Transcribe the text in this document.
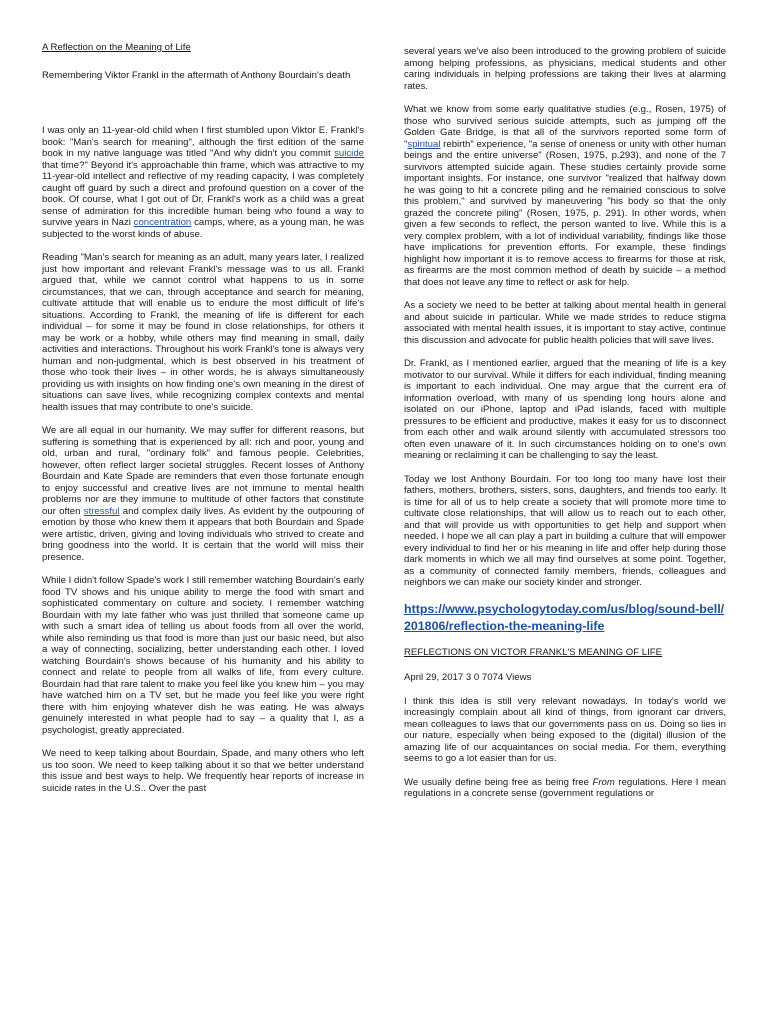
A Reflection on the Meaning of Life

Remembering Viktor Frankl in the aftermath of Anthony Bourdain's death

I was only an 11-year-old child when I first stumbled upon Viktor E. Frankl's book: "Man's search for meaning", although the first edition of the same book in my native language was titled "And why didn't you commit suicide that time?" Beyond it's approachable thin frame, which was attractive to my 11-year-old intellect and reflective of my reading capacity, I was completely caught off guard by such a direct and profound question on a cover of the book. Of course, what I got out of Dr. Frankl's work as a child was a great sense of admiration for this incredible human being who found a way to survive years in Nazi concentration camps, where, as a young man, he was subjected to the worst kinds of abuse.

Reading "Man's search for meaning as an adult, many years later, I realized just how important and relevant Frankl's message was to us all. Frankl argued that, while we cannot control what happens to us in some circumstances, that we can, through acceptance and search for meaning, cultivate attitude that will enable us to endure the most difficult of life's situations. According to Frankl, the meaning of life is different for each individual – for some it may be found in close relationships, for others it may be work or a hobby, while others may find meaning in small, daily activities and interactions. Throughout his work Frankl's tone is always very human and non-judgmental, which is best observed in his treatment of those who took their lives – in other words, he is always simultaneously providing us with insights on how finding one's own meaning in the direst of situations can save lives, while recognizing complex contexts and mental health issues that may contribute to one's suicide.

We are all equal in our humanity. We may suffer for different reasons, but suffering is something that is experienced by all: rich and poor, young and old, urban and rural, "ordinary folk" and famous people. Celebrities, however, often reflect larger societal struggles. Recent losses of Anthony Bourdain and Kate Spade are reminders that even those fortunate enough to enjoy successful and creative lives are not immune to mental health problems nor are they immune to multitude of other factors that constitute our often stressful and complex daily lives. As evident by the outpouring of emotion by those who knew them it appears that both Bourdain and Spade were artistic, driven, giving and loving individuals who strived to create and bring goodness into the world. It is certain that the world will miss their presence.

While I didn't follow Spade's work I still remember watching Bourdain's early food TV shows and his unique ability to merge the food with smart and sophisticated commentary on culture and society. I remember watching Bourdain with my late father who was just thrilled that someone came up with such a smart idea of telling us about foods from all over the world, while also reminding us that food is more than just our basic need, but also a way of connecting, socializing, better understanding each other. I loved watching Bourdain's shows because of his humanity and his ability to connect and relate to people from all walks of life, from every culture. Bourdain had that rare talent to make you feel like you knew him – you may have watched him on a TV set, but he made you feel like you were right there with him enjoying whatever dish he was eating. He was always genuinely interested in what people had to say – a quality that I, as a psychologist, greatly appreciated.

We need to keep talking about Bourdain, Spade, and many others who left us too soon. We need to keep talking about it so that we better understand this issue and best ways to help. We frequently hear reports of increase in suicide rates in the U.S.. Over the past

several years we've also been introduced to the growing problem of suicide among helping professions, as physicians, medical students and other caring individuals in helping professions are taking their lives at alarming rates.

What we know from some early qualitative studies (e.g., Rosen, 1975) of those who survived serious suicide attempts, such as jumping off the Golden Gate Bridge, is that all of the survivors reported some form of "spiritual rebirth" experience, "a sense of oneness or unity with other human beings and the entire universe" (Rosen, 1975, p.293), and none of the 7 survivors attempted suicide again. These studies certainly provide some important insights. For instance, one survivor "realized that halfway down he was going to hit a concrete piling and he remained conscious to solve this problem," and survived by maneuvering "his body so that the only grazed the concrete piling" (Rosen, 1975, p. 291). In other words, when given a few seconds to reflect, the person wanted to live. While this is a very complex problem, with a lot of individual variability, findings like those have implications for prevention efforts. For example, these findings highlight how important it is to remove access to firearms for those at risk, as firearms are the most common method of death by suicide – a method that does not leave any time to reflect or ask for help.

As a society we need to be better at talking about mental health in general and about suicide in particular. While we made strides to reduce stigma associated with mental health issues, it is important to stay active, continue this discussion and advocate for public health policies that will save lives.

Dr. Frankl, as I mentioned earlier, argued that the meaning of life is a key motivator to our survival. While it differs for each individual, finding meaning is important to each individual. One may argue that the current era of information overload, with many of us spending long hours alone and isolated on our iPhone, laptop and iPad islands, faced with multiple pressures to be efficient and productive, makes it easy for us to disconnect from each other and walk around silently with accumulated stressors too often even unaware of it. In such circumstances holding on to one's own meaning or reclaiming it can be challenging to say the least.

Today we lost Anthony Bourdain. For too long too many have lost their fathers, mothers, brothers, sisters, sons, daughters, and friends too early. It is time for all of us to help create a society that will promote more time to cultivate close relationships, that will allow us to reach out to each other, and that will provide us with opportunities to get help and support when needed. I hope we all can play a part in building a culture that will empower every individual to find her or his meaning in life and offer help during those dark moments in which we all may find ourselves at some point. Together, as a community of connected family members, friends, colleagues and neighbors we can make our society kinder and stronger.

https://www.psychologytoday.com/us/blog/sound-bell/201806/reflection-the-meaning-life

REFLECTIONS ON VICTOR FRANKL'S MEANING OF LIFE

April 29, 2017 3 0 7074 Views

I think this idea is still very relevant nowadays. In today's world we increasingly complain about all kind of things, from ignorant car drivers, mean colleagues to laws that our governments pass on us. Doing so lies in our nature, especially when being exposed to the (digital) illusion of the amazing life of our acquaintances on social media. For them, everything seems to go a lot easier than for us.

We usually define being free as being free From regulations. Here I mean regulations in a concrete sense (government regulations or
